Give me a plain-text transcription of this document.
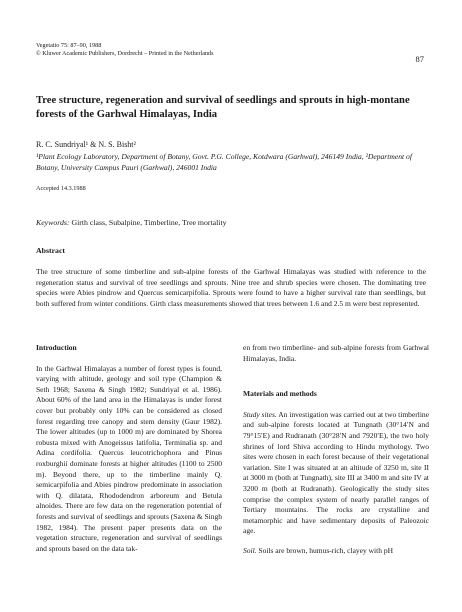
Vegetatio 75: 87–90, 1988
© Kluwer Academic Publishers, Dordrecht – Printed in the Netherlands
87
Tree structure, regeneration and survival of seedlings and sprouts in high-montane forests of the Garhwal Himalayas, India
R. C. Sundriyal¹ & N. S. Bisht²
¹Plant Ecology Laboratory, Department of Botany, Govt. P.G. College, Kotdwara (Garhwal), 246149 India, ²Department of Botany, University Campus Pauri (Garhwal), 246001 India
Accepted 14.3.1988
Keywords: Girth class, Subalpine, Timberline, Tree mortality
Abstract
The tree structure of some timberline and sub-alpine forests of the Garhwal Himalayas was studied with reference to the regeneration status and survival of tree seedlings and sprouts. Nine tree and shrub species were chosen. The dominating tree species were Abies pindrow and Quercus semicarpifolia. Sprouts were found to have a higher survival rate than seedlings, but both suffered from winter conditions. Girth class measurements showed that trees between 1.6 and 2.5 m were best represented.
Introduction
In the Garhwal Himalayas a number of forest types is found, varying with altitude, geology and soil type (Champion & Seth 1968; Saxena & Singh 1982; Sundriyal et al. 1986). About 60% of the land area in the Himalayas is under forest cover but probably only 10% can be considered as closed forest regarding tree canopy and stem density (Gaur 1982). The lower altitudes (up to 1000 m) are dominated by Shorea robusta mixed with Anogeissus latifolia, Terminalia sp. and Adina cordifolia. Quercus leucotrichophora and Pinus roxburghii dominate forests at higher altitudes (1100 to 2500 m). Beyond there, up to the timberline mainly Q. semicarpifolia and Abies pindrow predominate in association with Q. dilatata, Rhododendron arboreum and Betula alnoides. There are few data on the regeneration potential of forests and survival of seedlings and sprouts (Saxena & Singh 1982, 1984). The present paper presents data on the vegetation structure, regeneration and survival of seedlings and sprouts based on the data tak-
en from two timberline- and sub-alpine forests from Garhwal Himalayas, India.
Materials and methods
Study sites. An investigation was carried out at two timberline and sub-alpine forests located at Tungnath (30°14′N and 79°15′E) and Rudranath (30°28′N and 7920′E), the two holy shrines of lord Shiva according to Hindu mythology. Two sites were chosen in each forest because of their vegetational variation. Site I was situated at an altitude of 3250 m, site II at 3000 m (both at Tungnath), site III at 3400 m and site IV at 3200 m (both at Rudranath). Geologically the study sites comprise the complex system of nearly parallel ranges of Tertiary mountains. The rocks are crystalline and metamorphic and have sedimentary deposits of Paleozoic age.
Soil. Soils are brown, humus-rich, clayey with pH
